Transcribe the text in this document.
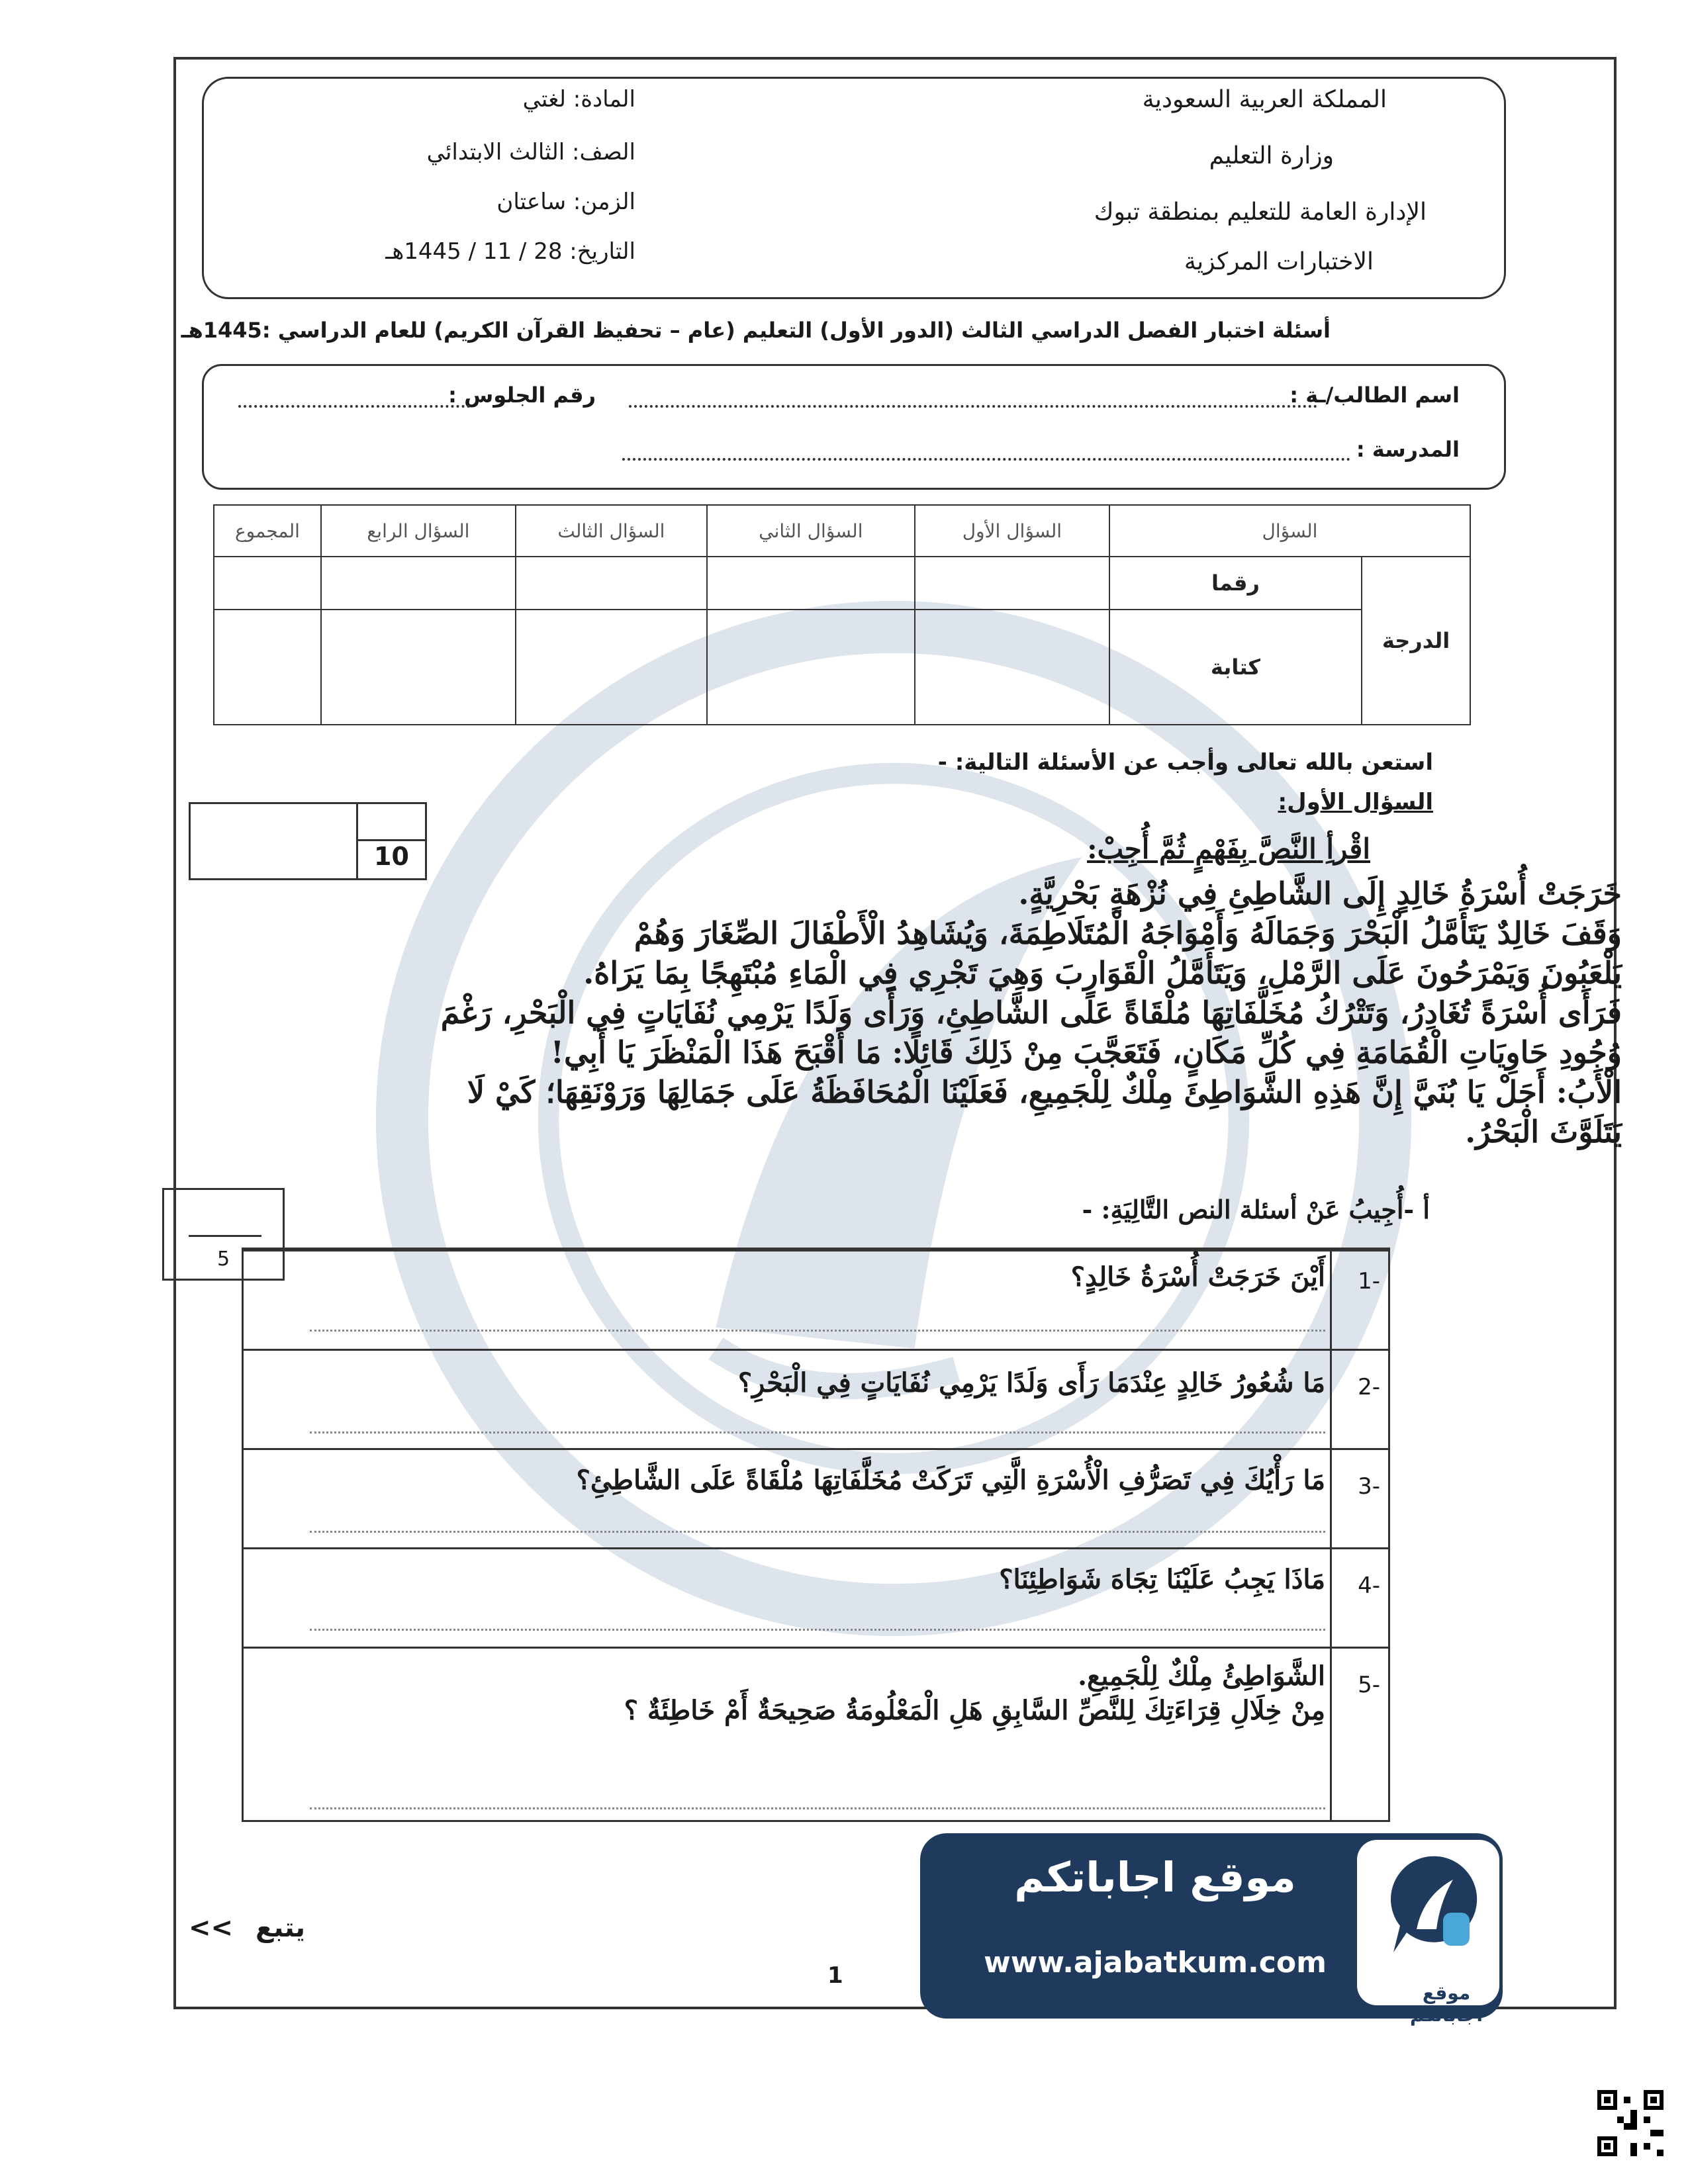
المملكة العربية السعودية
وزارة التعليم
الإدارة العامة للتعليم بمنطقة تبوك
الاختبارات المركزية
المادة: لغتي
الصف: الثالث الابتدائي
الزمن: ساعتان
التاريخ: 28 / 11 / 1445هـ
أسئلة اختبار الفصل الدراسي الثالث (الدور الأول) التعليم (عام – تحفيظ القرآن الكريم) للعام الدراسي :1445هـ
اسم الطالب/ـة :
رقم الجلوس :
المدرسة :
السؤال		السؤال الأول	السؤال الثاني	السؤال الثالث	السؤال الرابع	المجموع
الدرجة	رقما					
	كتابة					
استعن بالله تعالى وأجب عن الأسئلة التالية: -
السؤال الأول:
10	اقْرأِ النَّصَّ بِفَهْمٍ ثُمَّ أُجِبْ:

خَرَجَتْ أُسْرَةُ خَالِدٍ إِلَى الشَّاطِئِ فِي نُزْهَةٍ بَحْرِيَّةٍ.

وَقَفَ خَالِدٌ يَتَأَمَّلُ الْبَحْرَ وَجَمَالَهُ وَأَمْوَاجَهُ الْمُتَلَاطِمَةَ، وَيُشَاهِدُ الْأَطْفَالَ الصِّغَارَ وَهُمْ

يَلْعَبُونَ وَيَمْرَحُونَ عَلَى الرَّمْلِ، وَيَتَأَمَّلُ الْقَوَارِبَ وَهِيَ تَجْرِي فِي الْمَاءِ مُبْتَهِجًا بِمَا يَرَاهُ.

فَرَأَى أُسْرَةً تُغَادِرُ، وَتَتْرُكُ مُخَلَّفَاتِهَا مُلْقَاةً عَلَى الشَّاطِئِ، وَرَأَى وَلَدًا يَرْمِي نُفَايَاتٍ فِي الْبَحْرِ، رَغْمَ

وُجُودِ حَاوِيَاتِ الْقُمَامَةِ فِي كُلِّ مَكَانٍ، فَتَعَجَّبَ مِنْ ذَلِكَ قَائِلًا: مَا أَقْبَحَ هَذَا الْمَنْظَرَ يَا أَبِي!

الْأَبُ: أَجَلْ يَا بُنَيَّ إِنَّ هَذِهِ الشَّوَاطِئَ مِلْكٌ لِلْجَمِيعِ، فَعَلَيْنَا الْمُحَافَظَةُ عَلَى جَمَالِهَا وَرَوْنَقِهَا؛ كَيْ لَا

يَتَلَوَّثَ الْبَحْرُ.

أ -أُجِيبُ عَنْ أسئلة النص التَّالِيَةِ: -
5
-1
أَيْنَ خَرَجَتْ أُسْرَةُ خَالِدٍ؟
-2
مَا شُعُورُ خَالِدٍ عِنْدَمَا رَأَى وَلَدًا يَرْمِي نُفَايَاتٍ فِي الْبَحْرِ؟
-3
مَا رَأْيُكَ فِي تَصَرُّفِ الْأُسْرَةِ الَّتِي تَرَكَتْ مُخَلَّفَاتِهَا مُلْقَاةً عَلَى الشَّاطِئِ؟
-4
مَاذَا يَجِبُ عَلَيْنَا تِجَاهَ شَوَاطِئِنَا؟
-5
الشَّوَاطِئُ مِلْكٌ لِلْجَمِيعِ.
مِنْ خِلَالِ قِرَاءَتِكَ لِلنَّصِّ السَّابِقِ هَلِ الْمَعْلُومَةُ صَحِيحَةٌ أَمْ خَاطِئَةٌ ؟
موقع اجاباتكم
موقع اجاباتكم
www.ajabatkum.com
يتبع <<
1
